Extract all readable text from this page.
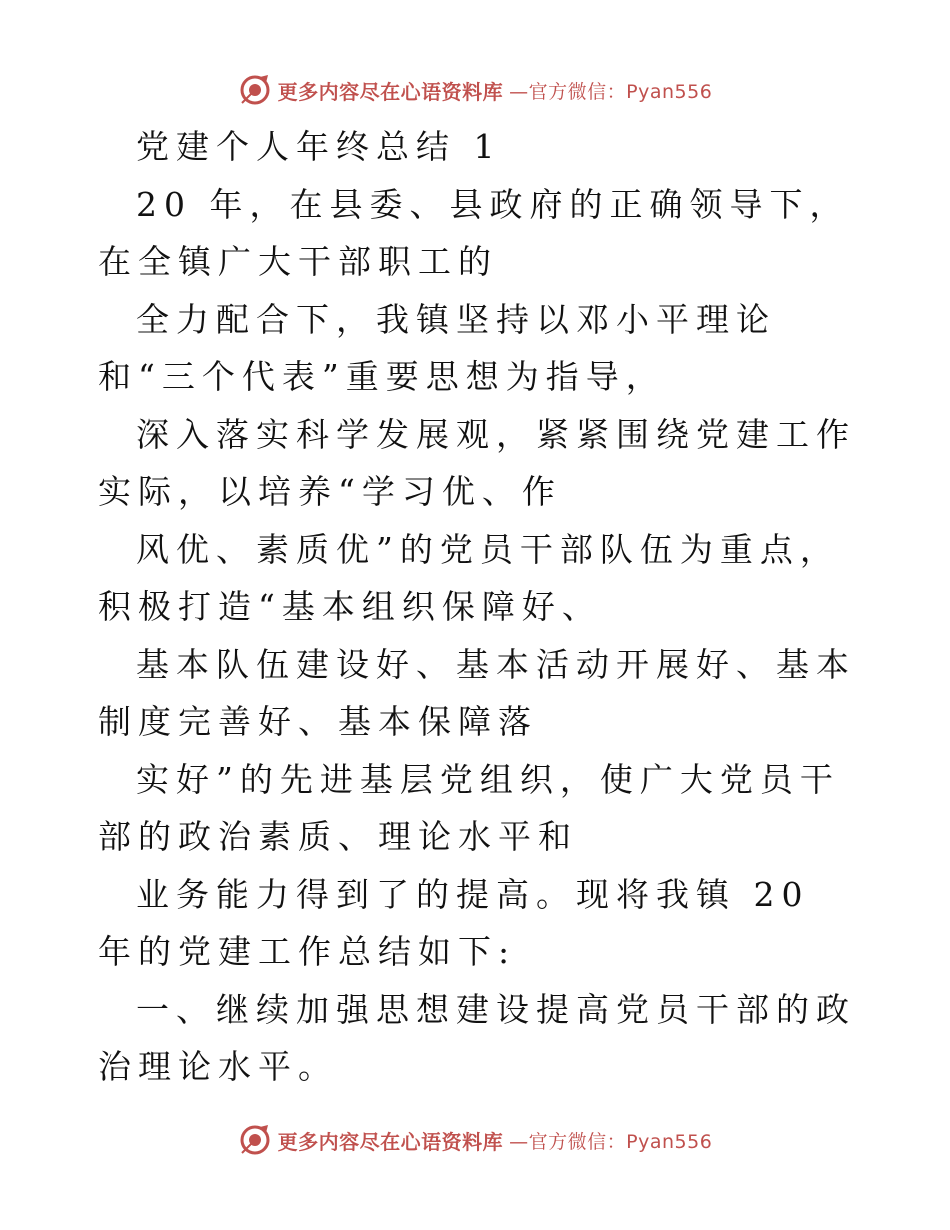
更多内容尽在心语资料库 —官方微信：Pyan556

党建个人年终总结 1

20 年，在县委、县政府的正确领导下，在全镇广大干部职工的

全力配合下，我镇坚持以邓小平理论和“三个代表”重要思想为指导，

深入落实科学发展观，紧紧围绕党建工作实际，以培养“学习优、作

风优、素质优”的党员干部队伍为重点，积极打造“基本组织保障好、

基本队伍建设好、基本活动开展好、基本制度完善好、基本保障落

实好”的先进基层党组织，使广大党员干部的政治素质、理论水平和

业务能力得到了的提高。现将我镇 20 年的党建工作总结如下:

一、继续加强思想建设提高党员干部的政治理论水平。

更多内容尽在心语资料库 —官方微信：Pyan556
